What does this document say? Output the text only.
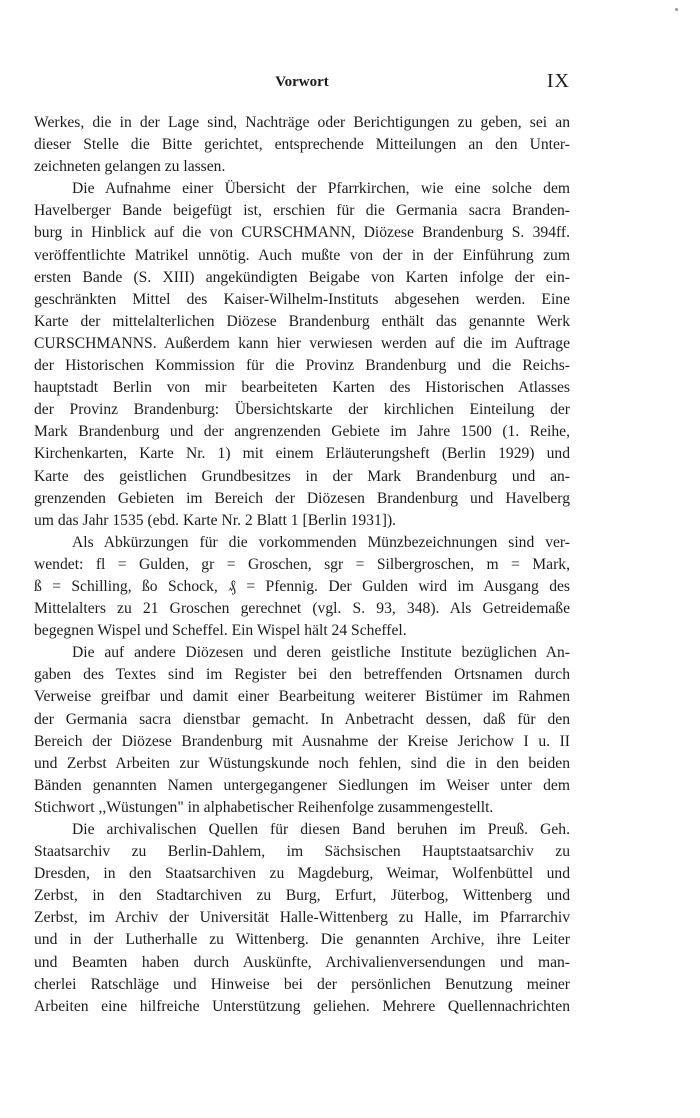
Vorwort	IX
Werkes, die in der Lage sind, Nachträge oder Berichtigungen zu geben, sei an
dieser Stelle die Bitte gerichtet, entsprechende Mitteilungen an den Unter-
zeichneten gelangen zu lassen.
Die Aufnahme einer Übersicht der Pfarrkirchen, wie eine solche dem
Havelberger Bande beigefügt ist, erschien für die Germania sacra Branden-
burg in Hinblick auf die von CURSCHMANN, Diözese Brandenburg S. 394ff.
veröffentlichte Matrikel unnötig. Auch mußte von der in der Einführung zum
ersten Bande (S. XIII) angekündigten Beigabe von Karten infolge der ein-
geschränkten Mittel des Kaiser-Wilhelm-Instituts abgesehen werden. Eine
Karte der mittelalterlichen Diözese Brandenburg enthält das genannte Werk
CURSCHMANNS. Außerdem kann hier verwiesen werden auf die im Auftrage
der Historischen Kommission für die Provinz Brandenburg und die Reichs-
hauptstadt Berlin von mir bearbeiteten Karten des Historischen Atlasses
der Provinz Brandenburg: Übersichtskarte der kirchlichen Einteilung der
Mark Brandenburg und der angrenzenden Gebiete im Jahre 1500 (1. Reihe,
Kirchenkarten, Karte Nr. 1) mit einem Erläuterungsheft (Berlin 1929) und
Karte des geistlichen Grundbesitzes in der Mark Brandenburg und an-
grenzenden Gebieten im Bereich der Diözesen Brandenburg und Havelberg
um das Jahr 1535 (ebd. Karte Nr. 2 Blatt 1 [Berlin 1931]).
Als Abkürzungen für die vorkommenden Münzbezeichnungen sind ver-
wendet: fl = Gulden, gr = Groschen, sgr = Silbergroschen, m = Mark,
ß = Schilling, ßo Schock, ₰ = Pfennig. Der Gulden wird im Ausgang des
Mittelalters zu 21 Groschen gerechnet (vgl. S. 93, 348). Als Getreidemaße
begegnen Wispel und Scheffel. Ein Wispel hält 24 Scheffel.
Die auf andere Diözesen und deren geistliche Institute bezüglichen An-
gaben des Textes sind im Register bei den betreffenden Ortsnamen durch
Verweise greifbar und damit einer Bearbeitung weiterer Bistümer im Rahmen
der Germania sacra dienstbar gemacht. In Anbetracht dessen, daß für den
Bereich der Diözese Brandenburg mit Ausnahme der Kreise Jerichow I u. II
und Zerbst Arbeiten zur Wüstungskunde noch fehlen, sind die in den beiden
Bänden genannten Namen untergegangener Siedlungen im Weiser unter dem
Stichwort ,,Wüstungen" in alphabetischer Reihenfolge zusammengestellt.
Die archivalischen Quellen für diesen Band beruhen im Preuß. Geh.
Staatsarchiv zu Berlin-Dahlem, im Sächsischen Hauptstaatsarchiv zu
Dresden, in den Staatsarchiven zu Magdeburg, Weimar, Wolfenbüttel und
Zerbst, in den Stadtarchiven zu Burg, Erfurt, Jüterbog, Wittenberg und
Zerbst, im Archiv der Universität Halle-Wittenberg zu Halle, im Pfarrarchiv
und in der Lutherhalle zu Wittenberg. Die genannten Archive, ihre Leiter
und Beamten haben durch Auskünfte, Archivalienversendungen und man-
cherlei Ratschläge und Hinweise bei der persönlichen Benutzung meiner
Arbeiten eine hilfreiche Unterstützung geliehen. Mehrere Quellennachrichten
